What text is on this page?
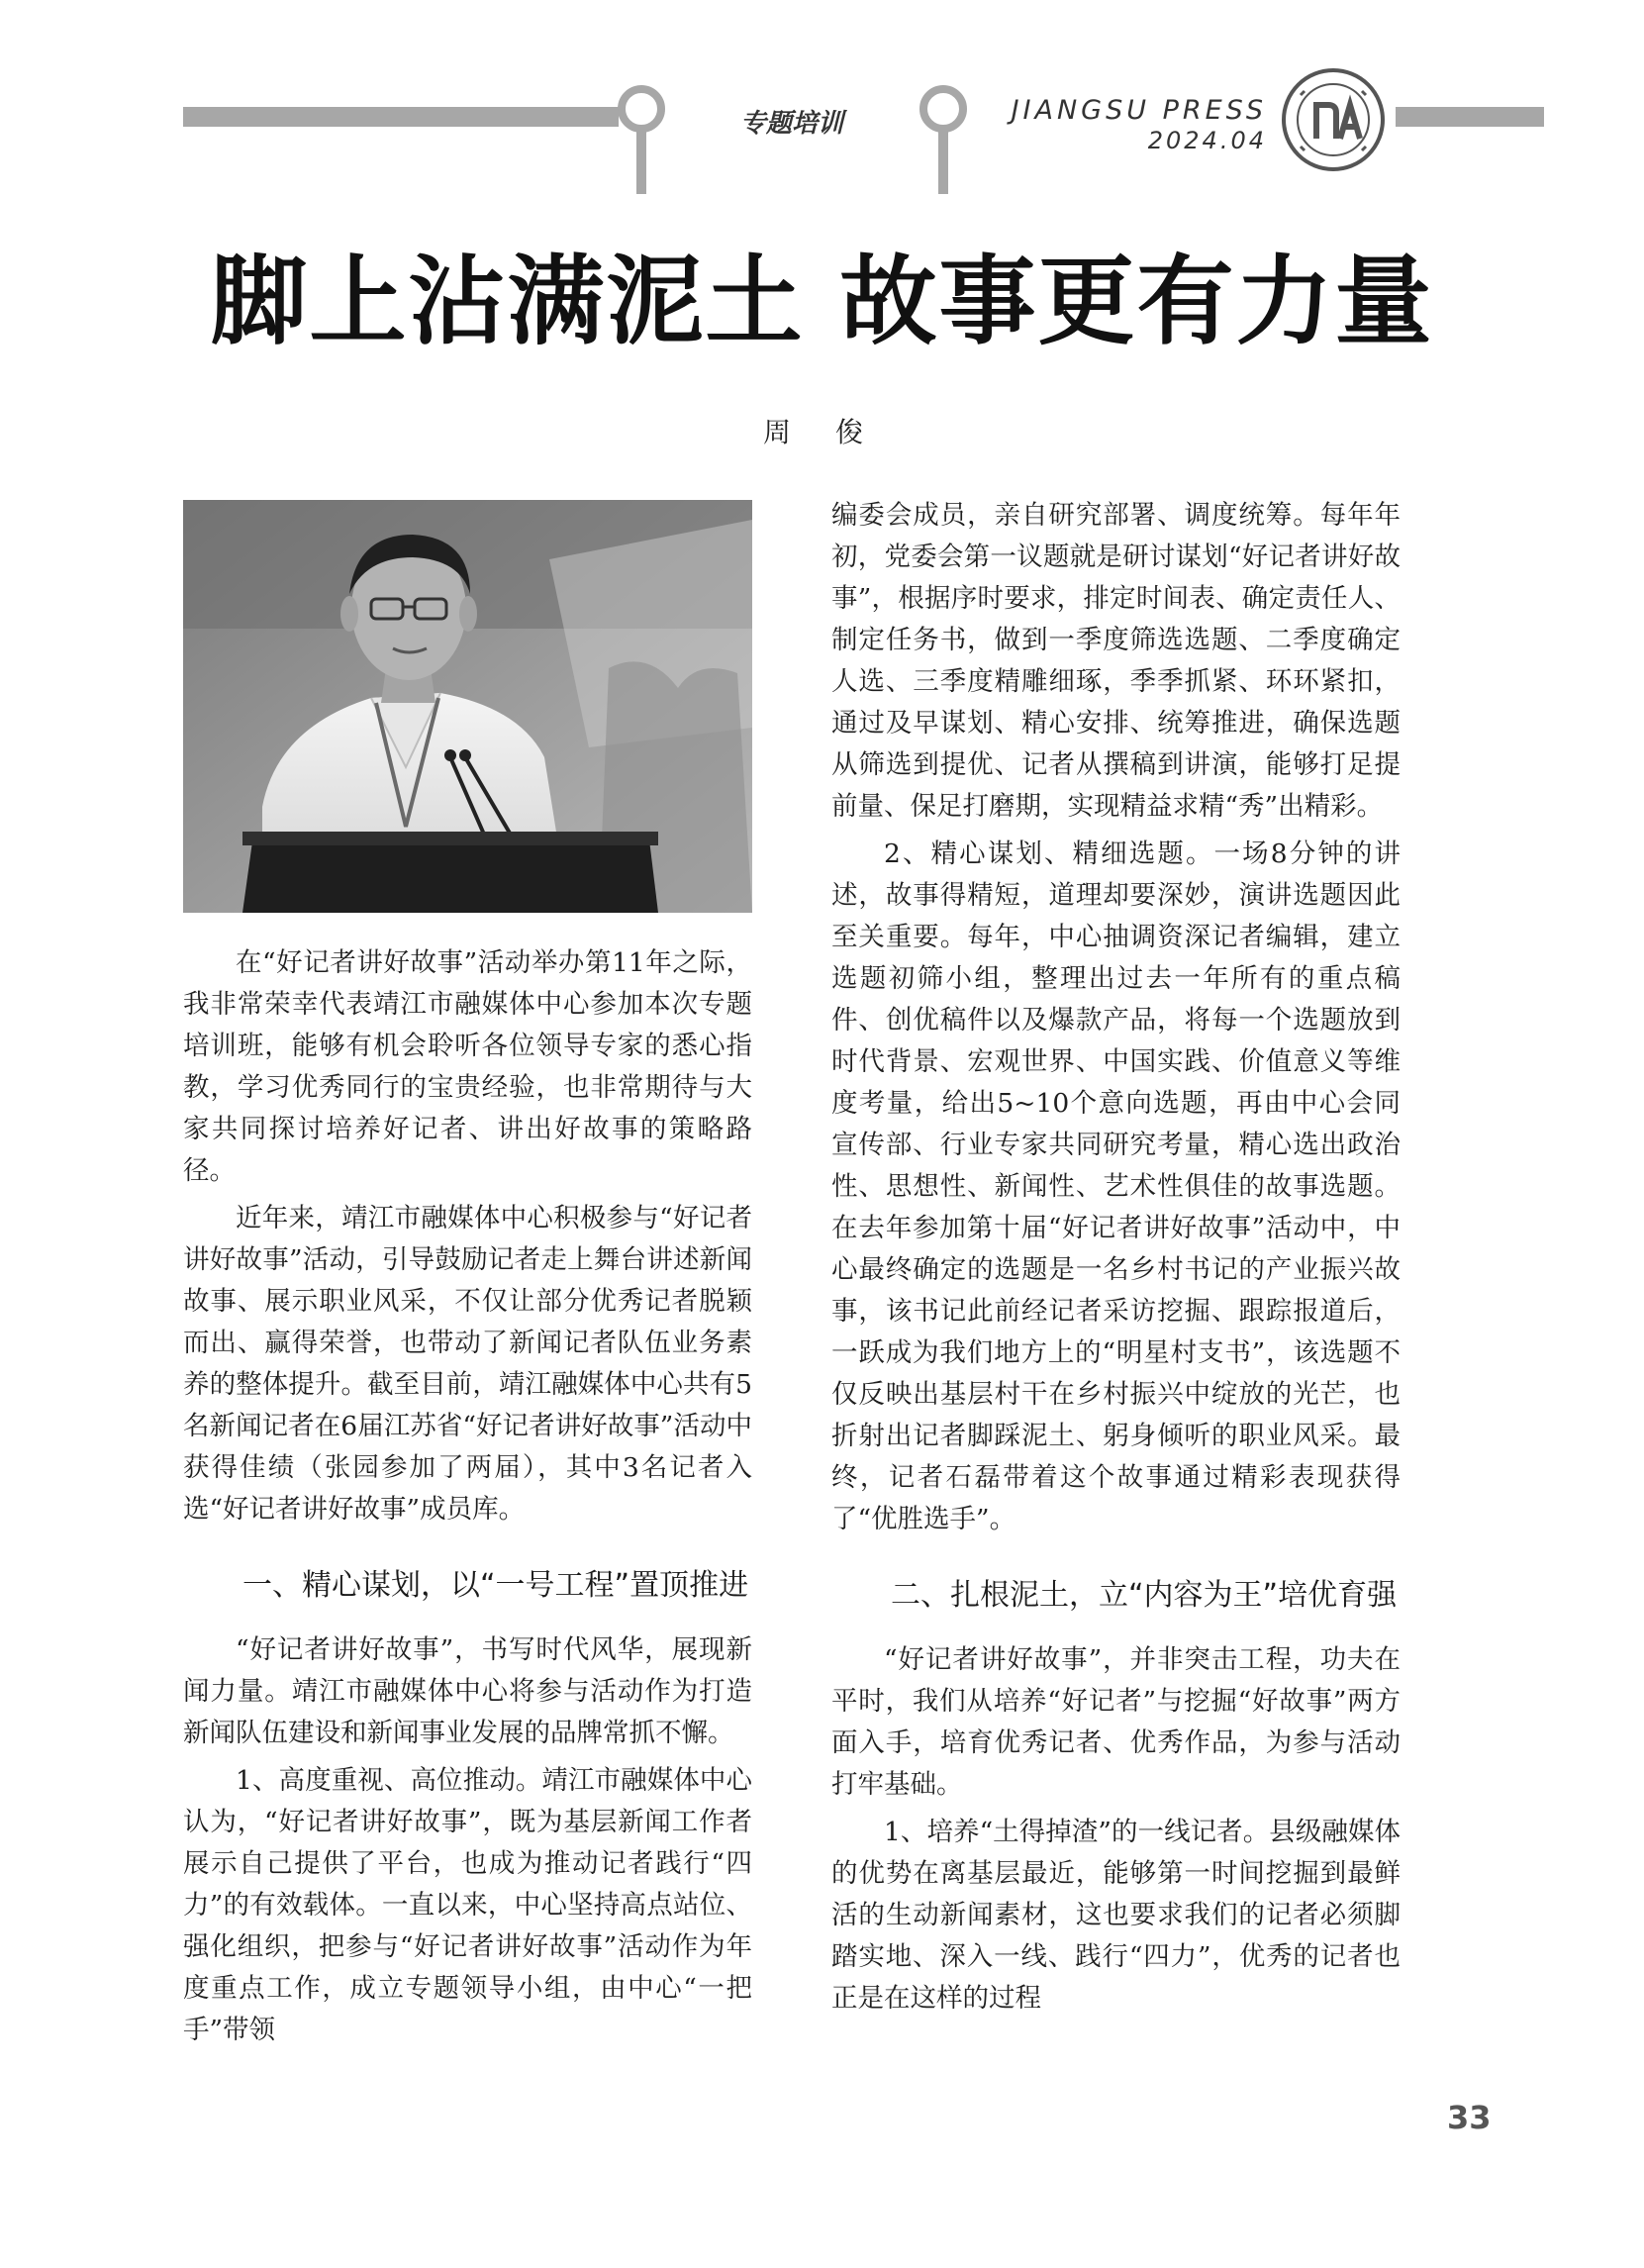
专题培训	JIANGSU PRESS
2024.04
脚上沾满泥土 故事更有力量
周 俊

在“好记者讲好故事”活动举办第11年之际，我非常荣幸代表靖江市融媒体中心参加本次专题培训班，能够有机会聆听各位领导专家的悉心指教，学习优秀同行的宝贵经验，也非常期待与大家共同探讨培养好记者、讲出好故事的策略路径。

近年来，靖江市融媒体中心积极参与“好记者讲好故事”活动，引导鼓励记者走上舞台讲述新闻故事、展示职业风采，不仅让部分优秀记者脱颖而出、赢得荣誉，也带动了新闻记者队伍业务素养的整体提升。截至目前，靖江融媒体中心共有5名新闻记者在6届江苏省“好记者讲好故事”活动中获得佳绩（张园参加了两届），其中3名记者入选“好记者讲好故事”成员库。

一、精心谋划，以“一号工程”置顶推进

“好记者讲好故事”，书写时代风华，展现新闻力量。靖江市融媒体中心将参与活动作为打造新闻队伍建设和新闻事业发展的品牌常抓不懈。

1、高度重视、高位推动。靖江市融媒体中心认为，“好记者讲好故事”，既为基层新闻工作者展示自己提供了平台，也成为推动记者践行“四力”的有效载体。一直以来，中心坚持高点站位、强化组织，把参与“好记者讲好故事”活动作为年度重点工作，成立专题领导小组，由中心“一把手”带领

编委会成员，亲自研究部署、调度统筹。每年年初，党委会第一议题就是研讨谋划“好记者讲好故事”，根据序时要求，排定时间表、确定责任人、制定任务书，做到一季度筛选选题、二季度确定人选、三季度精雕细琢，季季抓紧、环环紧扣，通过及早谋划、精心安排、统筹推进，确保选题从筛选到提优、记者从撰稿到讲演，能够打足提前量、保足打磨期，实现精益求精“秀”出精彩。

2、精心谋划、精细选题。一场8分钟的讲述，故事得精短，道理却要深妙，演讲选题因此至关重要。每年，中心抽调资深记者编辑，建立选题初筛小组，整理出过去一年所有的重点稿件、创优稿件以及爆款产品，将每一个选题放到时代背景、宏观世界、中国实践、价值意义等维度考量，给出5~10个意向选题，再由中心会同宣传部、行业专家共同研究考量，精心选出政治性、思想性、新闻性、艺术性俱佳的故事选题。在去年参加第十届“好记者讲好故事”活动中，中心最终确定的选题是一名乡村书记的产业振兴故事，该书记此前经记者采访挖掘、跟踪报道后，一跃成为我们地方上的“明星村支书”，该选题不仅反映出基层村干在乡村振兴中绽放的光芒，也折射出记者脚踩泥土、躬身倾听的职业风采。最终，记者石磊带着这个故事通过精彩表现获得了“优胜选手”。

二、扎根泥土，立“内容为王”培优育强

“好记者讲好故事”，并非突击工程，功夫在平时，我们从培养“好记者”与挖掘“好故事”两方面入手，培育优秀记者、优秀作品，为参与活动打牢基础。

1、培养“土得掉渣”的一线记者。县级融媒体的优势在离基层最近，能够第一时间挖掘到最鲜活的生动新闻素材，这也要求我们的记者必须脚踏实地、深入一线、践行“四力”，优秀的记者也正是在这样的过程

33
